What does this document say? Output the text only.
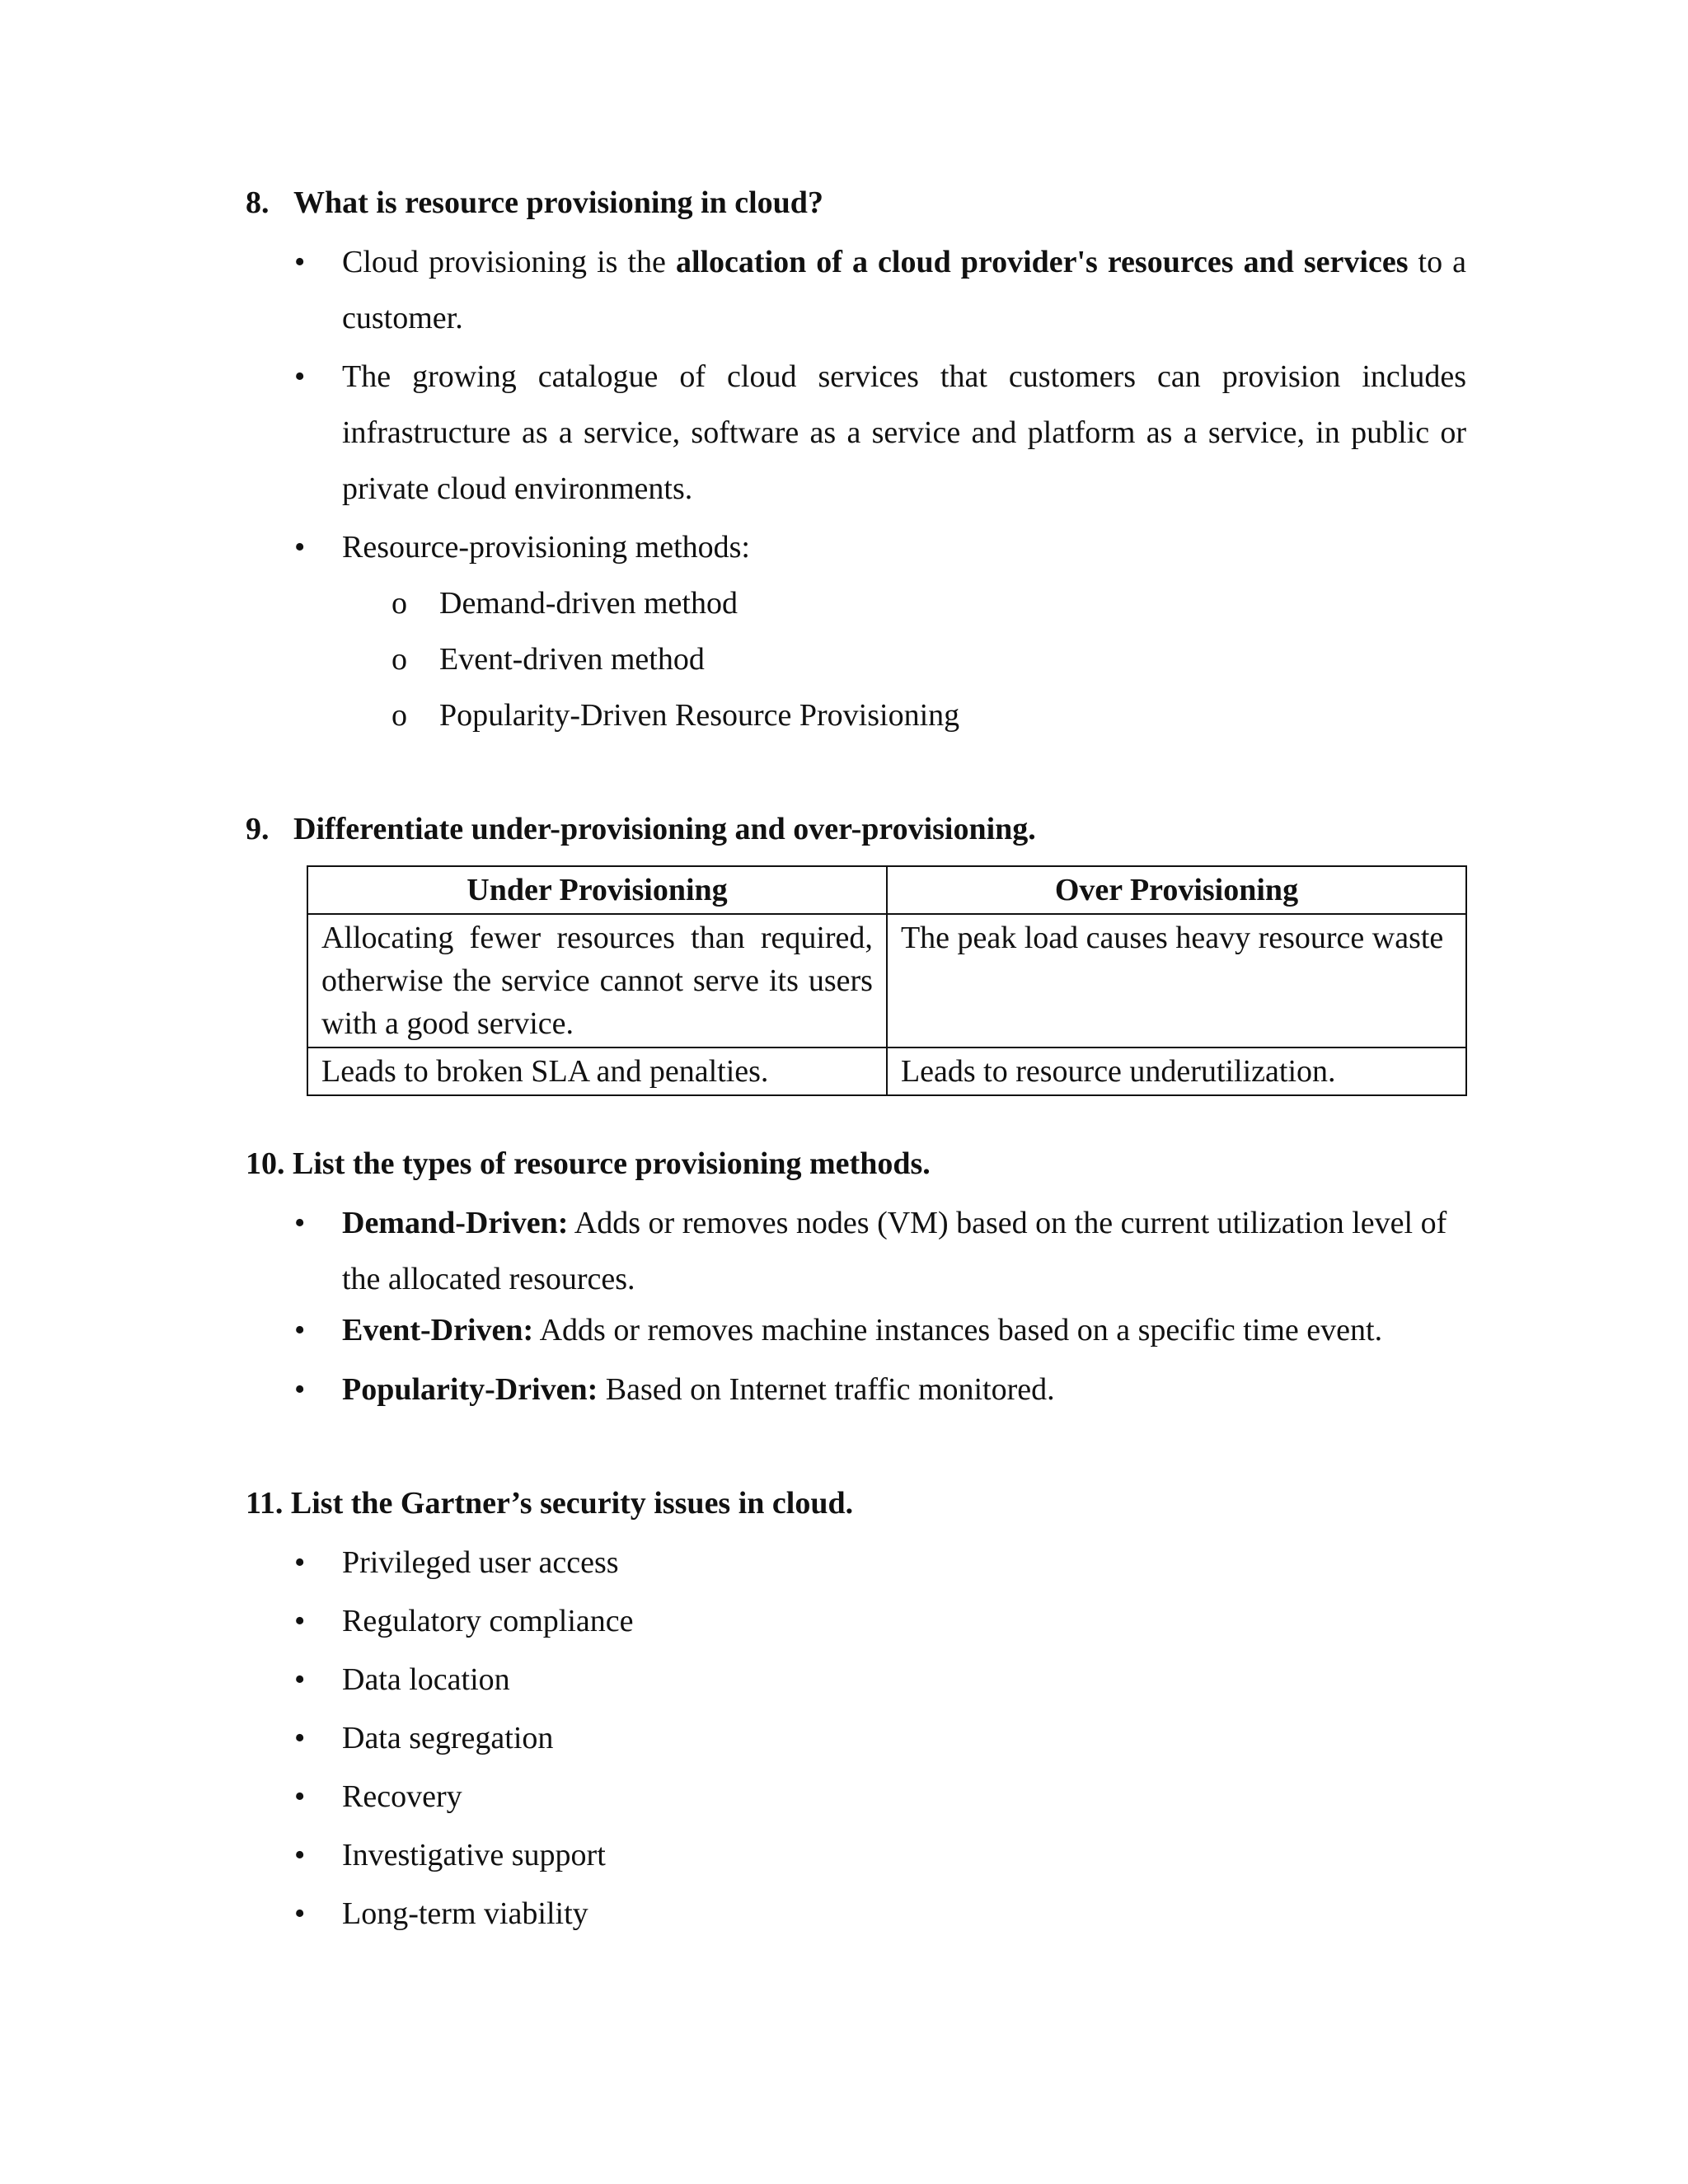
8. What is resource provisioning in cloud?

• Cloud provisioning is the allocation of a cloud provider's resources and services to a customer.

• The growing catalogue of cloud services that customers can provision includes infrastructure as a service, software as a service and platform as a service, in public or private cloud environments.

• Resource-provisioning methods:

o Demand-driven method

o Event-driven method

o Popularity-Driven Resource Provisioning

9. Differentiate under-provisioning and over-provisioning.
Under Provisioning	Over Provisioning
Allocating fewer resources than required, otherwise the service cannot serve its users with a good service.	The peak load causes heavy resource waste
Leads to broken SLA and penalties.	Leads to resource underutilization.
10. List the types of resource provisioning methods.

• Demand-Driven: Adds or removes nodes (VM) based on the current utilization level of the allocated resources.

• Event-Driven: Adds or removes machine instances based on a specific time event.

• Popularity-Driven: Based on Internet traffic monitored.

11. List the Gartner’s security issues in cloud.

• Privileged user access

• Regulatory compliance

• Data location

• Data segregation

• Recovery

• Investigative support

• Long-term viability
